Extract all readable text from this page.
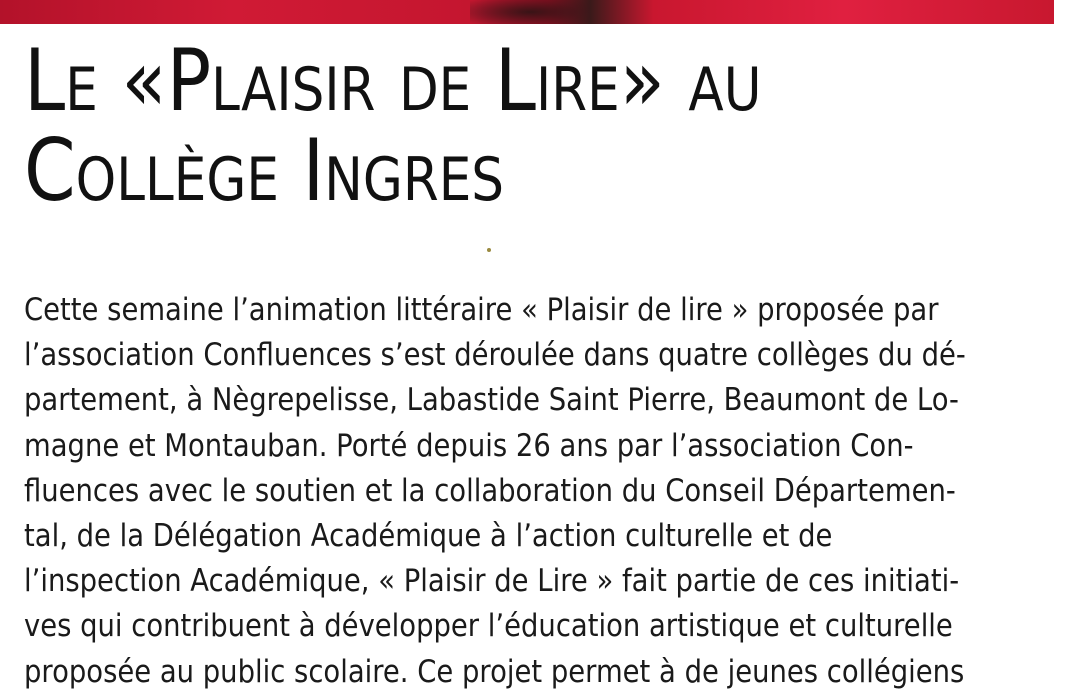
Le «Plaisir de Lire» au
Collège Ingres

Cette semaine l’animation littéraire « Plaisir de lire » proposée par
l’association Confluences s’est déroulée dans quatre collèges du dé-
partement, à Nègrepelisse, Labastide Saint Pierre, Beaumont de Lo-
magne et Montauban. Porté depuis 26 ans par l’association Con-
fluences avec le soutien et la collaboration du Conseil Départemen-
tal, de la Délégation Académique à l’action culturelle et de
l’inspection Académique, « Plaisir de Lire » fait partie de ces initiati-
ves qui contribuent à développer l’éducation artistique et culturelle
proposée au public scolaire. Ce projet permet à de jeunes collégiens
